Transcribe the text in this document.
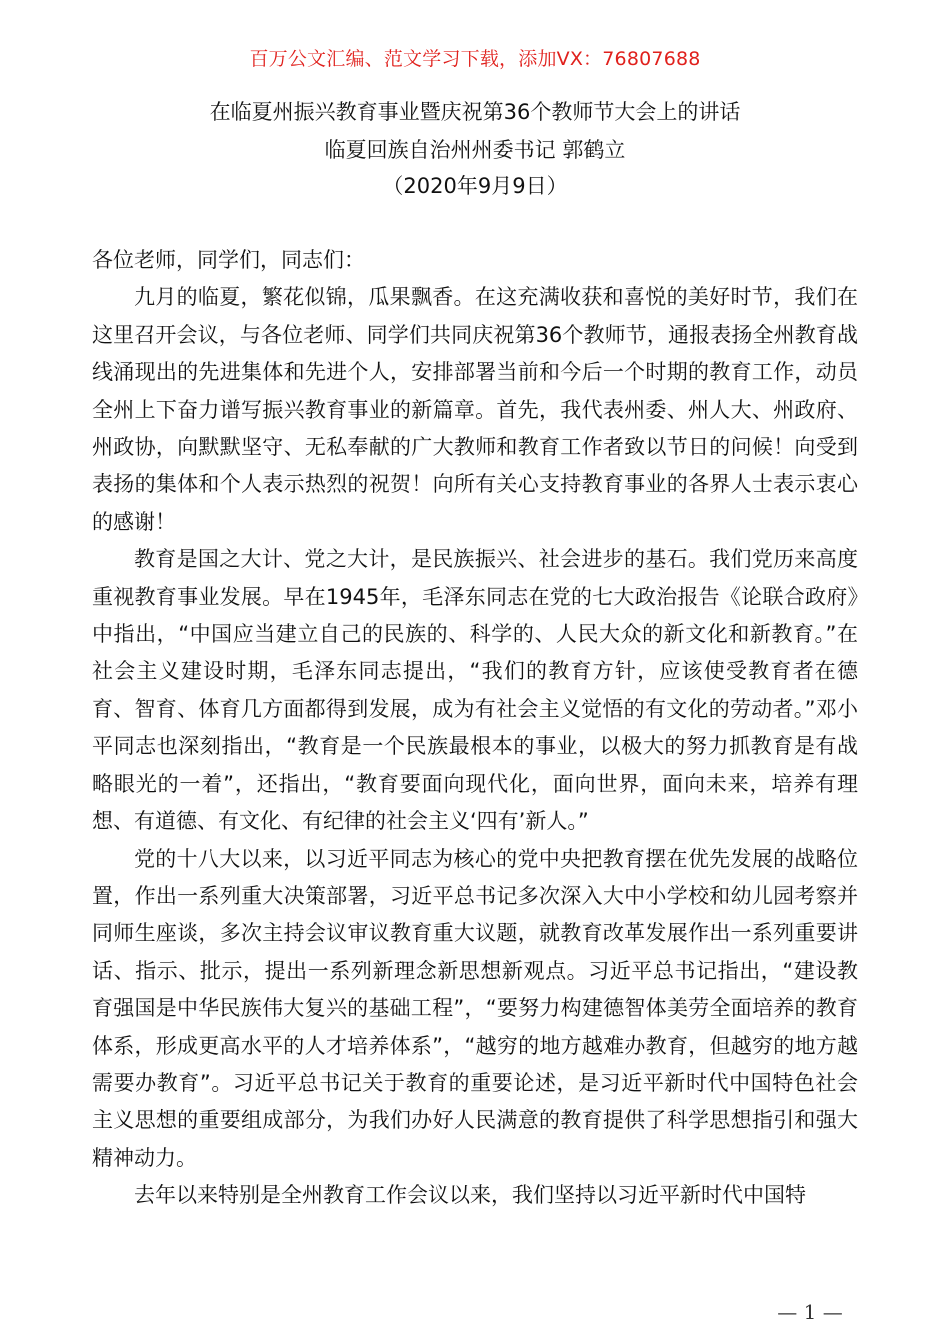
百万公文汇编、范文学习下载，添加VX：76807688
在临夏州振兴教育事业暨庆祝第36个教师节大会上的讲话
临夏回族自治州州委书记 郭鹤立
（2020年9月9日）

各位老师，同学们，同志们：

九月的临夏，繁花似锦，瓜果飘香。在这充满收获和喜悦的美好时节，我们在这里召开会议，与各位老师、同学们共同庆祝第36个教师节，通报表扬全州教育战线涌现出的先进集体和先进个人，安排部署当前和今后一个时期的教育工作，动员全州上下奋力谱写振兴教育事业的新篇章。首先，我代表州委、州人大、州政府、州政协，向默默坚守、无私奉献的广大教师和教育工作者致以节日的问候！向受到表扬的集体和个人表示热烈的祝贺！向所有关心支持教育事业的各界人士表示衷心的感谢！

教育是国之大计、党之大计，是民族振兴、社会进步的基石。我们党历来高度重视教育事业发展。早在1945年，毛泽东同志在党的七大政治报告《论联合政府》中指出，“中国应当建立自己的民族的、科学的、人民大众的新文化和新教育。”在社会主义建设时期，毛泽东同志提出，“我们的教育方针，应该使受教育者在德育、智育、体育几方面都得到发展，成为有社会主义觉悟的有文化的劳动者。”邓小平同志也深刻指出，“教育是一个民族最根本的事业，以极大的努力抓教育是有战略眼光的一着”，还指出，“教育要面向现代化，面向世界，面向未来，培养有理想、有道德、有文化、有纪律的社会主义‘四有’新人。”

党的十八大以来，以习近平同志为核心的党中央把教育摆在优先发展的战略位置，作出一系列重大决策部署，习近平总书记多次深入大中小学校和幼儿园考察并同师生座谈，多次主持会议审议教育重大议题，就教育改革发展作出一系列重要讲话、指示、批示，提出一系列新理念新思想新观点。习近平总书记指出，“建设教育强国是中华民族伟大复兴的基础工程”，“要努力构建德智体美劳全面培养的教育体系，形成更高水平的人才培养体系”，“越穷的地方越难办教育，但越穷的地方越需要办教育”。习近平总书记关于教育的重要论述，是习近平新时代中国特色社会主义思想的重要组成部分，为我们办好人民满意的教育提供了科学思想指引和强大精神动力。

去年以来特别是全州教育工作会议以来，我们坚持以习近平新时代中国特

— 1 —
